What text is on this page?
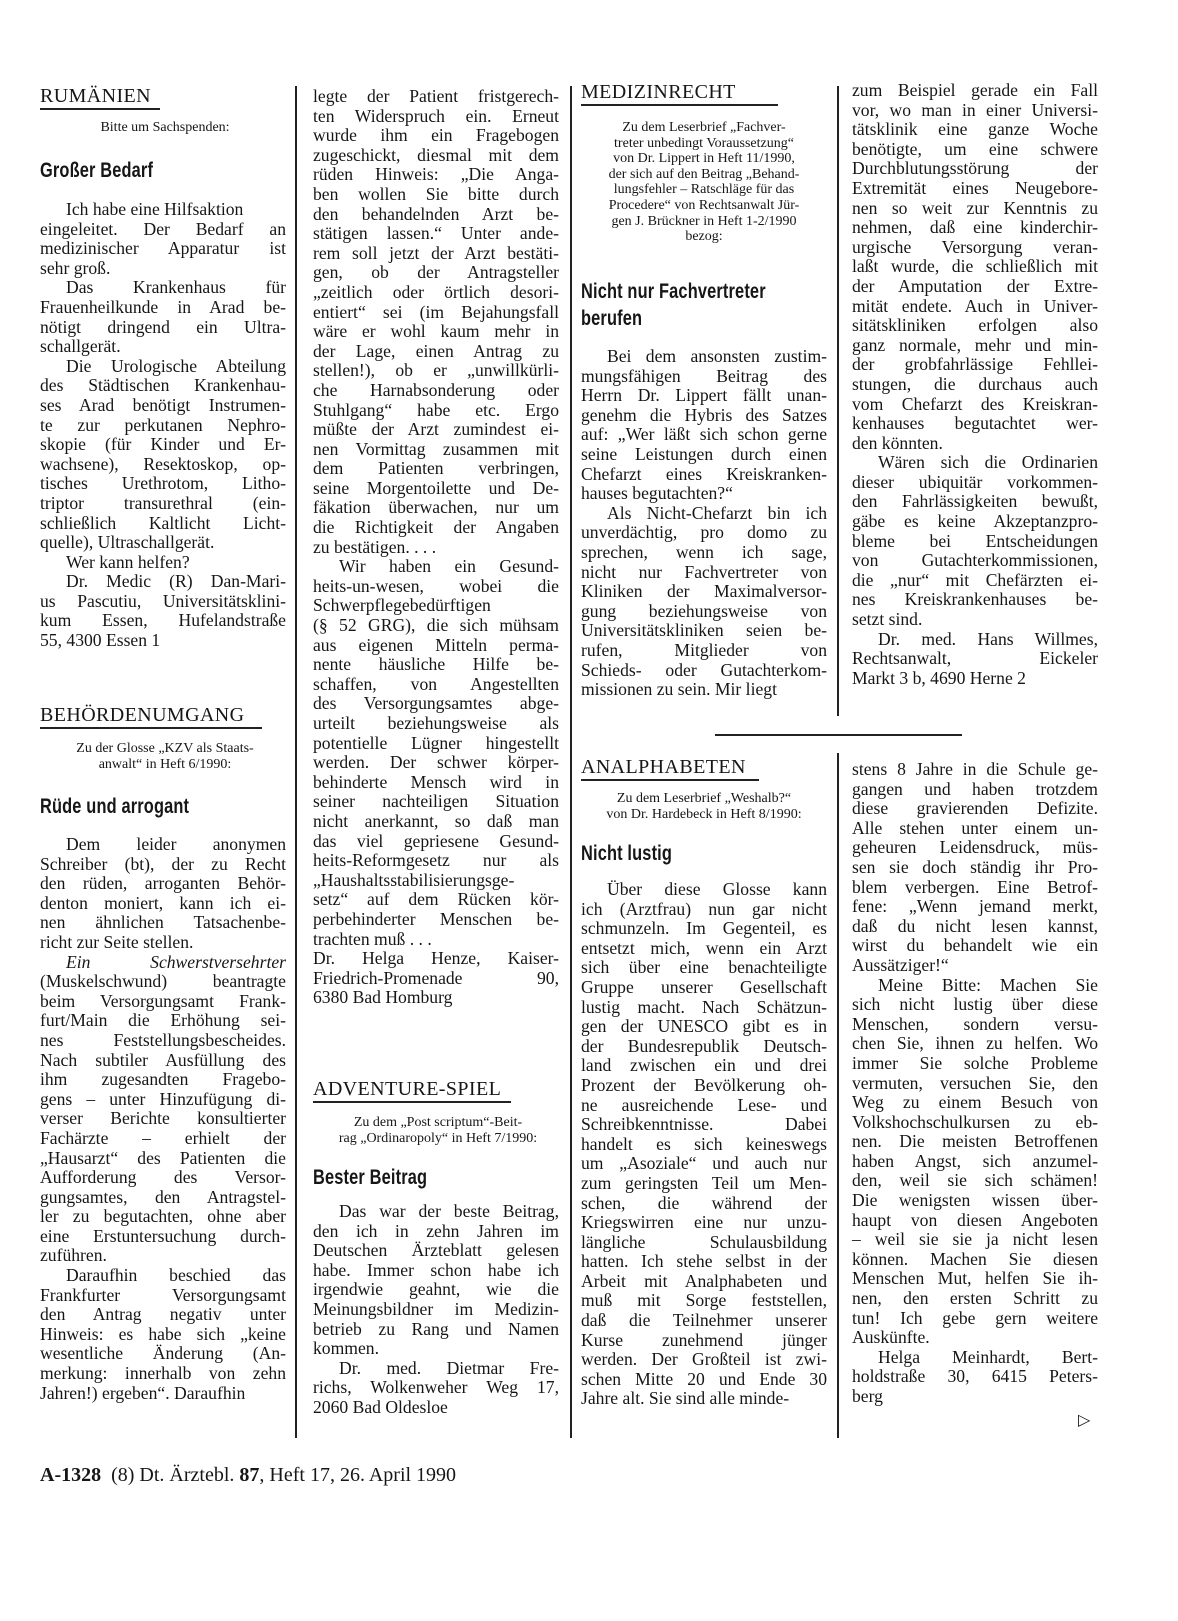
RUMÄNIEN
Bitte um Sachspenden:
Großer Bedarf
Ich habe eine Hilfsaktion
eingeleitet. Der Bedarf an
medizinischer Apparatur ist
sehr groß.
Das Krankenhaus für
Frauenheilkunde in Arad be-
nötigt dringend ein Ultra-
schallgerät.
Die Urologische Abteilung
des Städtischen Krankenhau-
ses Arad benötigt Instrumen-
te zur perkutanen Nephro-
skopie (für Kinder und Er-
wachsene), Resektoskop, op-
tisches Urethrotom, Litho-
triptor transurethral (ein-
schließlich Kaltlicht Licht-
quelle), Ultraschallgerät.
Wer kann helfen?
Dr. Medic (R) Dan-Mari-
us Pascutiu, Universitätsklini-
kum Essen, Hufelandstraße
55, 4300 Essen 1
BEHÖRDENUMGANG
Zu der Glosse „KZV als Staats-
anwalt“ in Heft 6/1990:
Rüde und arrogant
Dem leider anonymen
Schreiber (bt), der zu Recht
den rüden, arroganten Behör-
denton moniert, kann ich ei-
nen ähnlichen Tatsachenbe-
richt zur Seite stellen.
Ein Schwerstversehrter
(Muskelschwund) beantragte
beim Versorgungsamt Frank-
furt/Main die Erhöhung sei-
nes Feststellungsbescheides.
Nach subtiler Ausfüllung des
ihm zugesandten Fragebo-
gens – unter Hinzufügung di-
verser Berichte konsultierter
Fachärzte – erhielt der
„Hausarzt“ des Patienten die
Aufforderung des Versor-
gungsamtes, den Antragstel-
ler zu begutachten, ohne aber
eine Erstuntersuchung durch-
zuführen.
Daraufhin beschied das
Frankfurter Versorgungsamt
den Antrag negativ unter
Hinweis: es habe sich „keine
wesentliche Änderung (An-
merkung: innerhalb von zehn
Jahren!) ergeben“. Daraufhin
legte der Patient fristgerech-
ten Widerspruch ein. Erneut
wurde ihm ein Fragebogen
zugeschickt, diesmal mit dem
rüden Hinweis: „Die Anga-
ben wollen Sie bitte durch
den behandelnden Arzt be-
stätigen lassen.“ Unter ande-
rem soll jetzt der Arzt bestäti-
gen, ob der Antragsteller
„zeitlich oder örtlich desori-
entiert“ sei (im Bejahungsfall
wäre er wohl kaum mehr in
der Lage, einen Antrag zu
stellen!), ob er „unwillkürli-
che Harnabsonderung oder
Stuhlgang“ habe etc. Ergo
müßte der Arzt zumindest ei-
nen Vormittag zusammen mit
dem Patienten verbringen,
seine Morgentoilette und De-
fäkation überwachen, nur um
die Richtigkeit der Angaben
zu bestätigen. . . .
Wir haben ein Gesund-
heits-un-wesen, wobei die
Schwerpflegebedürftigen
(§ 52 GRG), die sich mühsam
aus eigenen Mitteln perma-
nente häusliche Hilfe be-
schaffen, von Angestellten
des Versorgungsamtes abge-
urteilt beziehungsweise als
potentielle Lügner hingestellt
werden. Der schwer körper-
behinderte Mensch wird in
seiner nachteiligen Situation
nicht anerkannt, so daß man
das viel gepriesene Gesund-
heits-Reformgesetz nur als
„Haushaltsstabilisierungsge-
setz“ auf dem Rücken kör-
perbehinderter Menschen be-
trachten muß . . .
Dr. Helga Henze, Kaiser-
Friedrich-Promenade 90,
6380 Bad Homburg
ADVENTURE-SPIEL
Zu dem „Post scriptum“-Beit-
rag „Ordinaropoly“ in Heft 7/1990:
Bester Beitrag
Das war der beste Beitrag,
den ich in zehn Jahren im
Deutschen Ärzteblatt gelesen
habe. Immer schon habe ich
irgendwie geahnt, wie die
Meinungsbildner im Medizin-
betrieb zu Rang und Namen
kommen.
Dr. med. Dietmar Fre-
richs, Wolkenweher Weg 17,
2060 Bad Oldesloe
MEDIZINRECHT
Zu dem Leserbrief „Fachver-
treter unbedingt Voraussetzung“
von Dr. Lippert in Heft 11/1990,
der sich auf den Beitrag „Behand-
lungsfehler – Ratschläge für das
Procedere“ von Rechtsanwalt Jür-
gen J. Brückner in Heft 1-2/1990
bezog:
Nicht nur Fachvertreter
berufen
Bei dem ansonsten zustim-
mungsfähigen Beitrag des
Herrn Dr. Lippert fällt unan-
genehm die Hybris des Satzes
auf: „Wer läßt sich schon gerne
seine Leistungen durch einen
Chefarzt eines Kreiskranken-
hauses begutachten?“
Als Nicht-Chefarzt bin ich
unverdächtig, pro domo zu
sprechen, wenn ich sage,
nicht nur Fachvertreter von
Kliniken der Maximalversor-
gung beziehungsweise von
Universitätskliniken seien be-
rufen, Mitglieder von
Schieds- oder Gutachterkom-
missionen zu sein. Mir liegt
ANALPHABETEN
Zu dem Leserbrief „Weshalb?“
von Dr. Hardebeck in Heft 8/1990:
Nicht lustig
Über diese Glosse kann
ich (Arztfrau) nun gar nicht
schmunzeln. Im Gegenteil, es
entsetzt mich, wenn ein Arzt
sich über eine benachteiligte
Gruppe unserer Gesellschaft
lustig macht. Nach Schätzun-
gen der UNESCO gibt es in
der Bundesrepublik Deutsch-
land zwischen ein und drei
Prozent der Bevölkerung oh-
ne ausreichende Lese- und
Schreibkenntnisse. Dabei
handelt es sich keineswegs
um „Asoziale“ und auch nur
zum geringsten Teil um Men-
schen, die während der
Kriegswirren eine nur unzu-
längliche Schulausbildung
hatten. Ich stehe selbst in der
Arbeit mit Analphabeten und
muß mit Sorge feststellen,
daß die Teilnehmer unserer
Kurse zunehmend jünger
werden. Der Großteil ist zwi-
schen Mitte 20 und Ende 30
Jahre alt. Sie sind alle minde-
zum Beispiel gerade ein Fall
vor, wo man in einer Universi-
tätsklinik eine ganze Woche
benötigte, um eine schwere
Durchblutungsstörung der
Extremität eines Neugebore-
nen so weit zur Kenntnis zu
nehmen, daß eine kinderchir-
urgische Versorgung veran-
laßt wurde, die schließlich mit
der Amputation der Extre-
mität endete. Auch in Univer-
sitätskliniken erfolgen also
ganz normale, mehr und min-
der grobfahrlässige Fehllei-
stungen, die durchaus auch
vom Chefarzt des Kreiskran-
kenhauses begutachtet wer-
den könnten.
Wären sich die Ordinarien
dieser ubiquitär vorkommen-
den Fahrlässigkeiten bewußt,
gäbe es keine Akzeptanzpro-
bleme bei Entscheidungen
von Gutachterkommissionen,
die „nur“ mit Chefärzten ei-
nes Kreiskrankenhauses be-
setzt sind.
Dr. med. Hans Willmes,
Rechtsanwalt, Eickeler
Markt 3 b, 4690 Herne 2
stens 8 Jahre in die Schule ge-
gangen und haben trotzdem
diese gravierenden Defizite.
Alle stehen unter einem un-
geheuren Leidensdruck, müs-
sen sie doch ständig ihr Pro-
blem verbergen. Eine Betrof-
fene: „Wenn jemand merkt,
daß du nicht lesen kannst,
wirst du behandelt wie ein
Aussätziger!“
Meine Bitte: Machen Sie
sich nicht lustig über diese
Menschen, sondern versu-
chen Sie, ihnen zu helfen. Wo
immer Sie solche Probleme
vermuten, versuchen Sie, den
Weg zu einem Besuch von
Volkshochschulkursen zu eb-
nen. Die meisten Betroffenen
haben Angst, sich anzumel-
den, weil sie sich schämen!
Die wenigsten wissen über-
haupt von diesen Angeboten
– weil sie sie ja nicht lesen
können. Machen Sie diesen
Menschen Mut, helfen Sie ih-
nen, den ersten Schritt zu
tun! Ich gebe gern weitere
Auskünfte.
Helga Meinhardt, Bert-
holdstraße 30, 6415 Peters-
berg
▷
A-1328 (8) Dt. Ärztebl. 87, Heft 17, 26. April 1990
